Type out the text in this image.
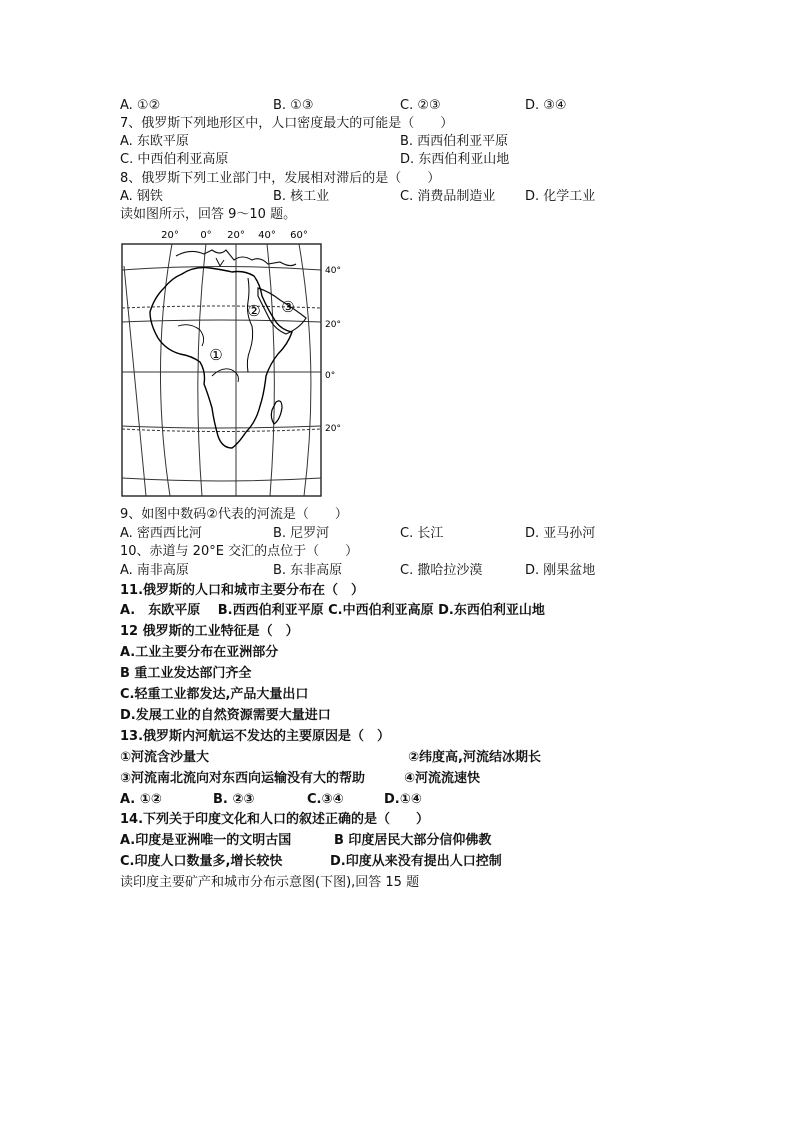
A. ①②	B. ①③	C. ②③	D. ③④
7、俄罗斯下列地形区中，人口密度最大的可能是（　　）
A. 东欧平原	B. 西西伯利亚平原
C. 中西伯利亚高原	D. 东西伯利亚山地
8、俄罗斯下列工业部门中，发展相对滞后的是（　　）
A. 钢铁	B. 核工业	C. 消费品制造业 D. 化学工业
读如图所示，回答 9～10 题。
20° 0° 20° 40° 60°
40°
20°
0°
20°
①
② ③
9、如图中数码②代表的河流是（　　）
A. 密西西比河	B. 尼罗河	C. 长江	D. 亚马孙河
10、赤道与 20°E 交汇的点位于（　　）
A. 南非高原	B. 东非高原	C. 撒哈拉沙漠	D. 刚果盆地
11.俄罗斯的人口和城市主要分布在（　）
A.　东欧平原　 B.西西伯利亚平原 C.中西伯利亚高原 D.东西伯利亚山地
12 俄罗斯的工业特征是（　）
A.工业主要分布在亚洲部分
B 重工业发达部门齐全
C.轻重工业都发达,产品大量出口
D.发展工业的自然资源需要大量进口
13.俄罗斯内河航运不发达的主要原因是（　）
①河流含沙量大	②纬度高,河流结冰期长
③河流南北流向对东西向运输没有大的帮助	④河流流速快
A. ①②	B. ②③	C.③④	D.①④
14.下列关于印度文化和人口的叙述正确的是（　　）
A.印度是亚洲唯一的文明古国	B 印度居民大部分信仰佛教
C.印度人口数量多,增长较快	D.印度从来没有提出人口控制
读印度主要矿产和城市分布示意图(下图),回答 15 题
